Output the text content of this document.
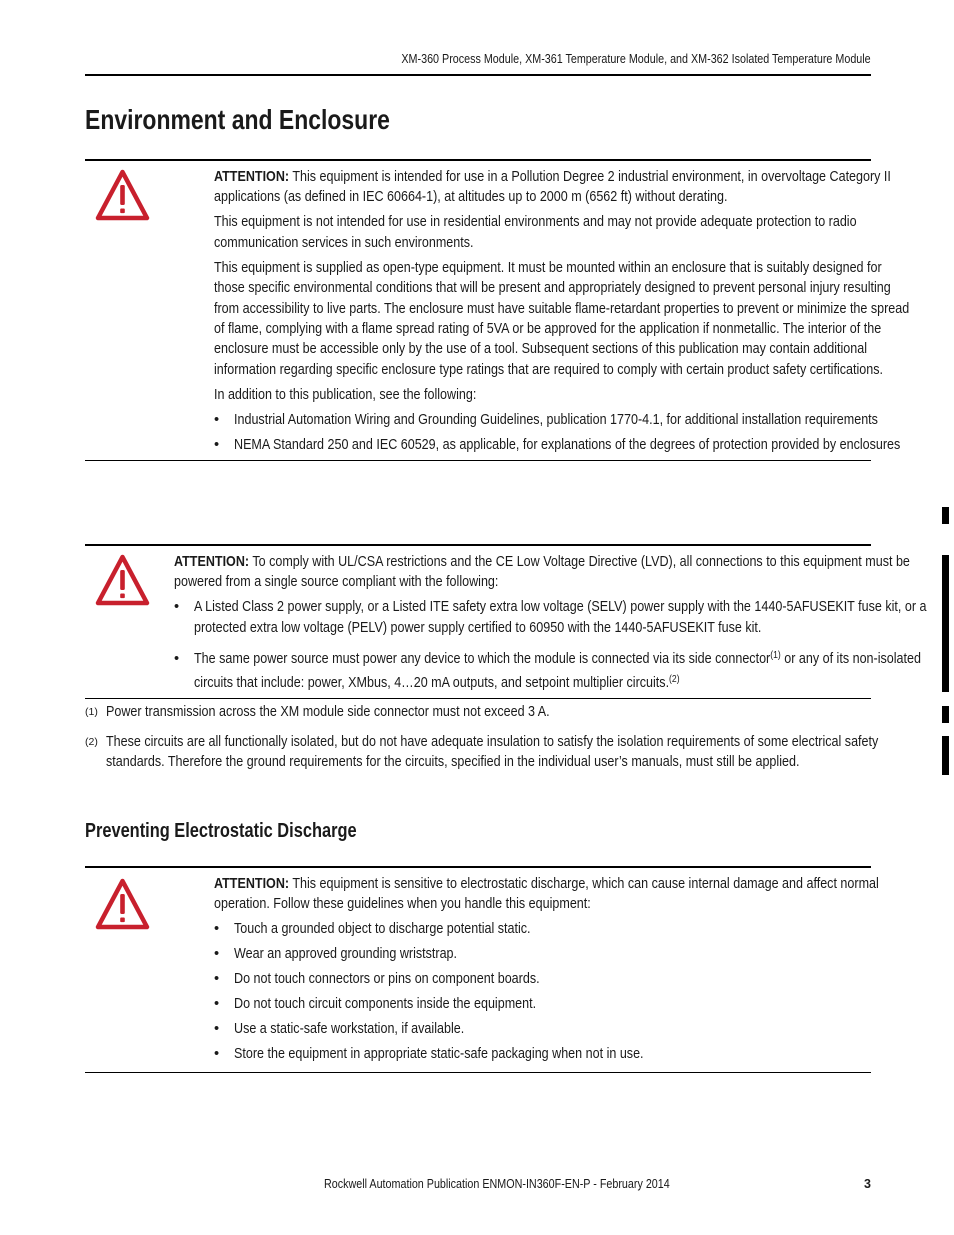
XM-360 Process Module, XM-361 Temperature Module, and XM-362 Isolated Temperature Module
Environment and Enclosure

ATTENTION: This equipment is intended for use in a Pollution Degree 2 industrial environment, in overvoltage Category II
applications (as defined in IEC 60664-1), at altitudes up to 2000 m (6562 ft) without derating.

This equipment is not intended for use in residential environments and may not provide adequate protection to radio
communication services in such environments.

This equipment is supplied as open-type equipment. It must be mounted within an enclosure that is suitably designed for
those specific environmental conditions that will be present and appropriately designed to prevent personal injury resulting
from accessibility to live parts. The enclosure must have suitable flame-retardant properties to prevent or minimize the spread
of flame, complying with a flame spread rating of 5VA or be approved for the application if nonmetallic. The interior of the
enclosure must be accessible only by the use of a tool. Subsequent sections of this publication may contain additional
information regarding specific enclosure type ratings that are required to comply with certain product safety certifications.

In addition to this publication, see the following:

• Industrial Automation Wiring and Grounding Guidelines, publication 1770-4.1, for additional installation requirements
• NEMA Standard 250 and IEC 60529, as applicable, for explanations of the degrees of protection provided by enclosures

ATTENTION: To comply with UL/CSA restrictions and the CE Low Voltage Directive (LVD), all connections to this equipment must be
powered from a single source compliant with the following:

• A Listed Class 2 power supply, or a Listed ITE safety extra low voltage (SELV) power supply with the 1440-5AFUSEKIT fuse kit, or a
protected extra low voltage (PELV) power supply certified to 60950 with the 1440-5AFUSEKIT fuse kit.
• The same power source must power any device to which the module is connected via its side connector$^{(1)}$ or any of its non-isolated
circuits that include: power, XMbus, 4…20 mA outputs, and setpoint multiplier circuits.$^{(2)}$
(1) Power transmission across the XM module side connector must not exceed 3 A.
(2) These circuits are all functionally isolated, but do not have adequate insulation to satisfy the isolation requirements of some electrical safety
standards. Therefore the ground requirements for the circuits, specified in the individual user’s manuals, must still be applied.
Preventing Electrostatic Discharge

ATTENTION: This equipment is sensitive to electrostatic discharge, which can cause internal damage and affect normal
operation. Follow these guidelines when you handle this equipment:

• Touch a grounded object to discharge potential static.
• Wear an approved grounding wriststrap.
• Do not touch connectors or pins on component boards.
• Do not touch circuit components inside the equipment.
• Use a static-safe workstation, if available.
• Store the equipment in appropriate static-safe packaging when not in use.
Rockwell Automation Publication ENMON-IN360F-EN-P - February 2014	3
